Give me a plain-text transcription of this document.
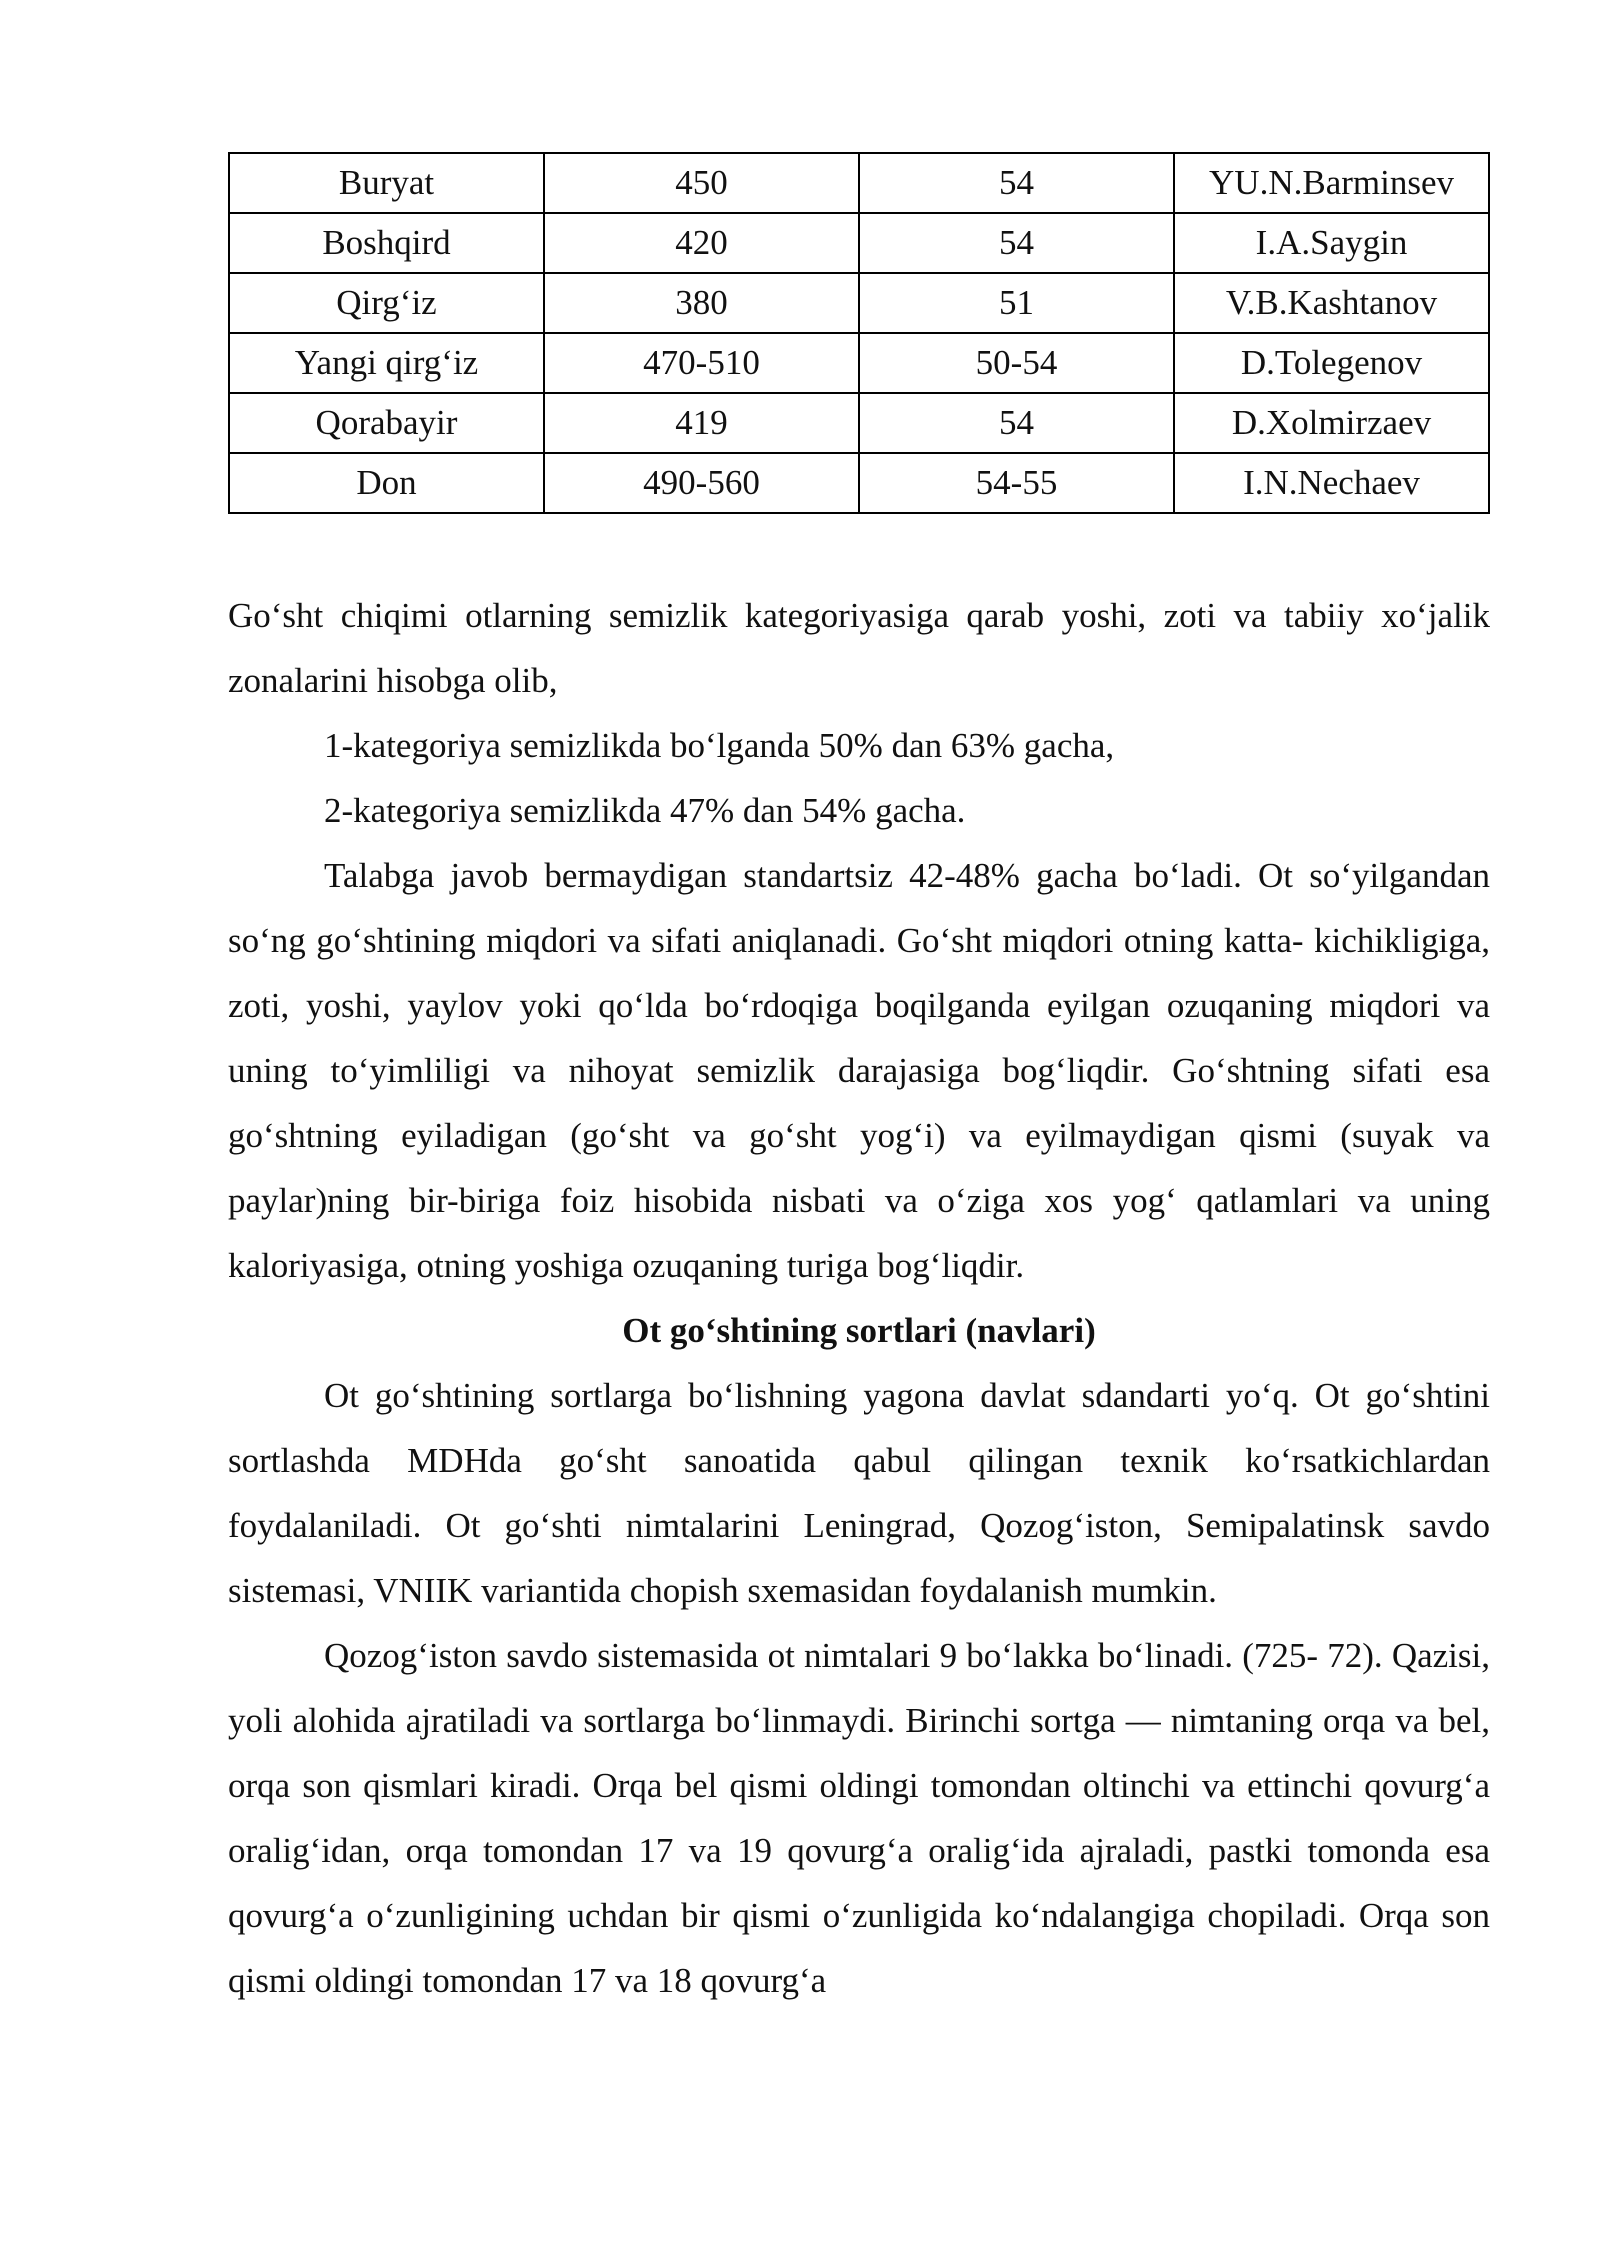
Buryat	450	54	YU.N.Barminsev
Boshqird	420	54	I.A.Saygin
Qirg‘iz	380	51	V.B.Kashtanov
Yangi qirg‘iz	470-510	50-54	D.Tolegenov
Qorabayir	419	54	D.Xolmirzaev
Don	490-560	54-55	I.N.Nechaev

Go‘sht chiqimi otlarning semizlik kategoriyasiga qarab yoshi, zoti va tabiiy xo‘jalik zonalarini hisobga olib,

1-kategoriya semizlikda bo‘lganda 50% dan 63% gacha,

2-kategoriya semizlikda 47% dan 54% gacha.

Talabga javob bermaydigan standartsiz 42-48% gacha bo‘ladi. Ot so‘yilgandan so‘ng go‘shtining miqdori va sifati aniqlanadi. Go‘sht miqdori otning katta- kichikligiga, zoti, yoshi, yaylov yoki qo‘lda bo‘rdoqiga boqilganda eyilgan ozuqaning miqdori va uning to‘yimliligi va nihoyat semizlik darajasiga bog‘liqdir. Go‘shtning sifati esa go‘shtning eyiladigan (go‘sht va go‘sht yog‘i) va eyilmaydigan qismi (suyak va paylar)ning bir-biriga foiz hisobida nisbati va o‘ziga xos yog‘ qatlamlari va uning kaloriyasiga, otning yoshiga ozuqaning turiga bog‘liqdir.

Ot go‘shtining sortlari (navlari)

Ot go‘shtining sortlarga bo‘lishning yagona davlat sdandarti yo‘q. Ot go‘shtini sortlashda MDHda go‘sht sanoatida qabul qilingan texnik ko‘rsatkichlardan foydalaniladi. Ot go‘shti nimtalarini Leningrad, Qozog‘iston, Semipalatinsk savdo sistemasi, VNIIK variantida chopish sxemasidan foydalanish mumkin.

Qozog‘iston savdo sistemasida ot nimtalari 9 bo‘lakka bo‘linadi. (725- 72). Qazisi, yoli alohida ajratiladi va sortlarga bo‘linmaydi. Birinchi sortga — nimtaning orqa va bel, orqa son qismlari kiradi. Orqa bel qismi oldingi tomondan oltinchi va ettinchi qovurg‘a oralig‘idan, orqa tomondan 17 va 19 qovurg‘a oralig‘ida ajraladi, pastki tomonda esa qovurg‘a o‘zunligining uchdan bir qismi o‘zunligida ko‘ndalangiga chopiladi. Orqa son qismi oldingi tomondan 17 va 18 qovurg‘a
